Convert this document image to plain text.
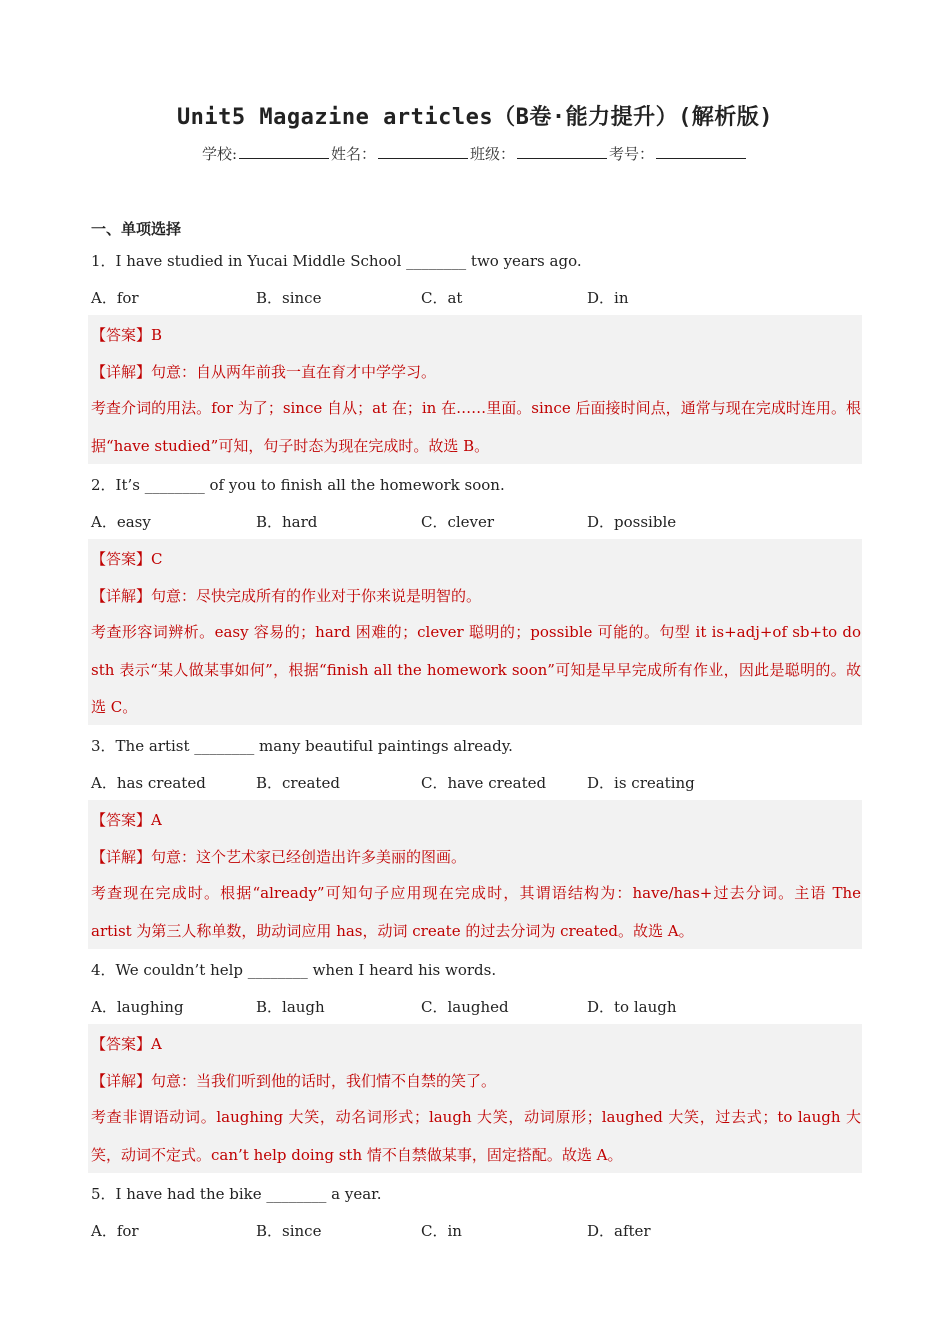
Unit5 Magazine articles（B卷·能力提升）(解析版)
学校:	姓名：	班级：	考号：
一、单项选择
1．I have studied in Yucai Middle School ________ two years ago.
A．for	B．since	C．at	D．in
【答案】B
【详解】句意：自从两年前我一直在育才中学学习。
考查介词的用法。for 为了；since 自从；at 在；in 在……里面。since 后面接时间点，通常与现在完成时连用。根据“have studied”可知，句子时态为现在完成时。故选 B。
2．It’s ________ of you to finish all the homework soon.
A．easy	B．hard	C．clever	D．possible
【答案】C
【详解】句意：尽快完成所有的作业对于你来说是明智的。
考查形容词辨析。easy 容易的；hard 困难的；clever 聪明的；possible 可能的。句型 it is+adj+of sb+to do sth 表示“某人做某事如何”，根据“finish all the homework soon”可知是早早完成所有作业，因此是聪明的。故选 C。
3．The artist ________ many beautiful paintings already.
A．has created	B．created	C．have created	D．is creating
【答案】A
【详解】句意：这个艺术家已经创造出许多美丽的图画。
考查现在完成时。根据“already”可知句子应用现在完成时，其谓语结构为：have/has+过去分词。主语 The artist 为第三人称单数，助动词应用 has，动词 create 的过去分词为 created。故选 A。
4．We couldn’t help ________ when I heard his words.
A．laughing	B．laugh	C．laughed	D．to laugh
【答案】A
【详解】句意：当我们听到他的话时，我们情不自禁的笑了。
考查非谓语动词。laughing 大笑，动名词形式；laugh 大笑，动词原形；laughed 大笑，过去式；to laugh 大笑，动词不定式。can’t help doing sth 情不自禁做某事，固定搭配。故选 A。
5．I have had the bike ________ a year.
A．for	B．since	C．in	D．after
